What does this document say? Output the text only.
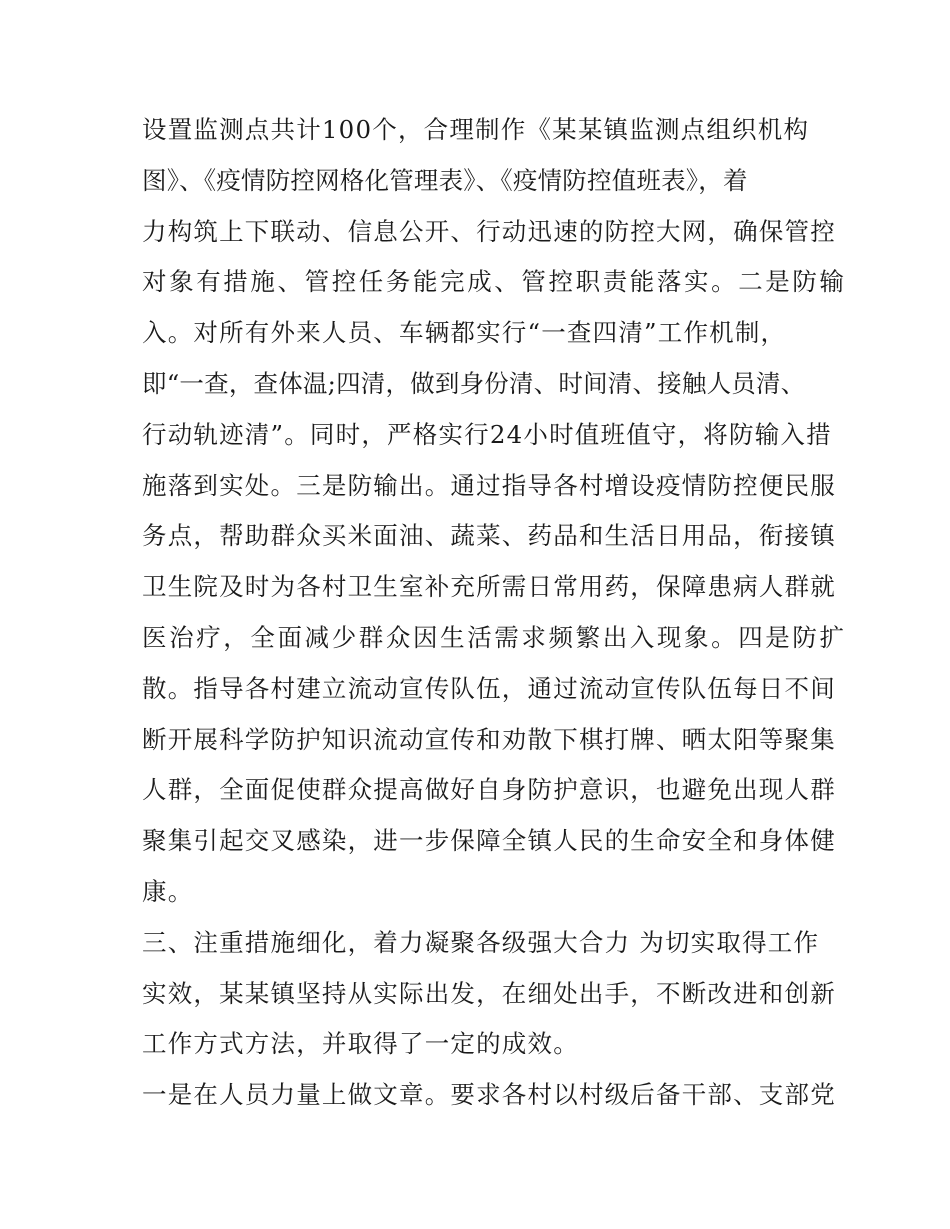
设置监测点共计100个，合理制作《某某镇监测点组织机构
图》、《疫情防控网格化管理表》、《疫情防控值班表》，着
力构筑上下联动、信息公开、行动迅速的防控大网，确保管控
对象有措施、管控任务能完成、管控职责能落实。二是防输
入。对所有外来人员、车辆都实行“一查四清”工作机制，
即“一查，查体温;四清，做到身份清、时间清、接触人员清、
行动轨迹清”。同时，严格实行24小时值班值守，将防输入措
施落到实处。三是防输出。通过指导各村增设疫情防控便民服
务点，帮助群众买米面油、蔬菜、药品和生活日用品，衔接镇
卫生院及时为各村卫生室补充所需日常用药，保障患病人群就
医治疗，全面减少群众因生活需求频繁出入现象。四是防扩
散。指导各村建立流动宣传队伍，通过流动宣传队伍每日不间
断开展科学防护知识流动宣传和劝散下棋打牌、晒太阳等聚集
人群，全面促使群众提高做好自身防护意识，也避免出现人群
聚集引起交叉感染，进一步保障全镇人民的生命安全和身体健
康。
三、注重措施细化，着力凝聚各级强大合力 为切实取得工作
实效，某某镇坚持从实际出发，在细处出手，不断改进和创新
工作方式方法，并取得了一定的成效。
一是在人员力量上做文章。要求各村以村级后备干部、支部党
